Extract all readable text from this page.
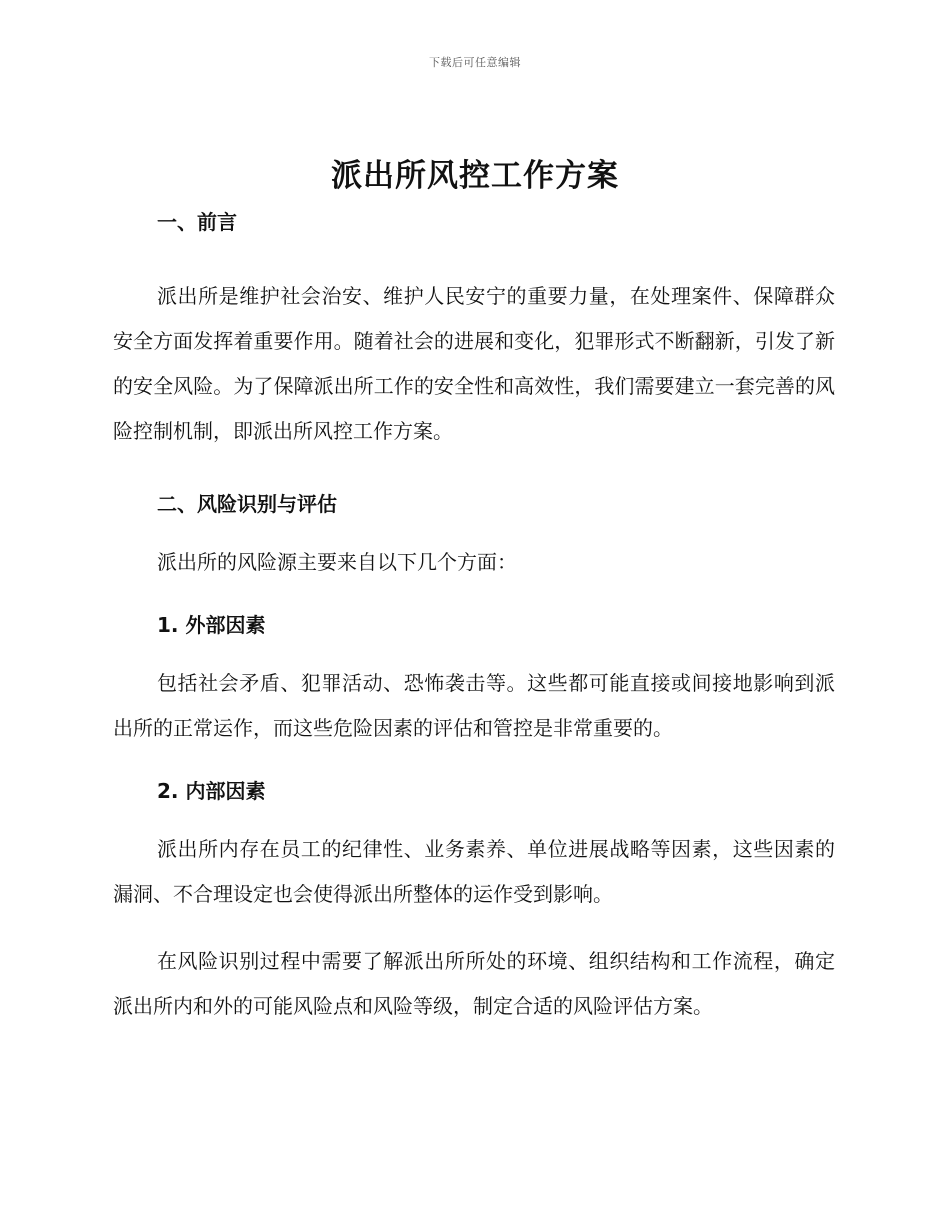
下载后可任意编辑
派出所风控工作方案
一、前言

派出所是维护社会治安、维护人民安宁的重要力量，在处理案件、保障群众安全方面发挥着重要作用。随着社会的进展和变化，犯罪形式不断翻新，引发了新的安全风险。为了保障派出所工作的安全性和高效性，我们需要建立一套完善的风险控制机制，即派出所风控工作方案。

二、风险识别与评估

派出所的风险源主要来自以下几个方面：

1. 外部因素

包括社会矛盾、犯罪活动、恐怖袭击等。这些都可能直接或间接地影响到派出所的正常运作，而这些危险因素的评估和管控是非常重要的。

2. 内部因素

派出所内存在员工的纪律性、业务素养、单位进展战略等因素，这些因素的漏洞、不合理设定也会使得派出所整体的运作受到影响。

在风险识别过程中需要了解派出所所处的环境、组织结构和工作流程，确定派出所内和外的可能风险点和风险等级，制定合适的风险评估方案。
